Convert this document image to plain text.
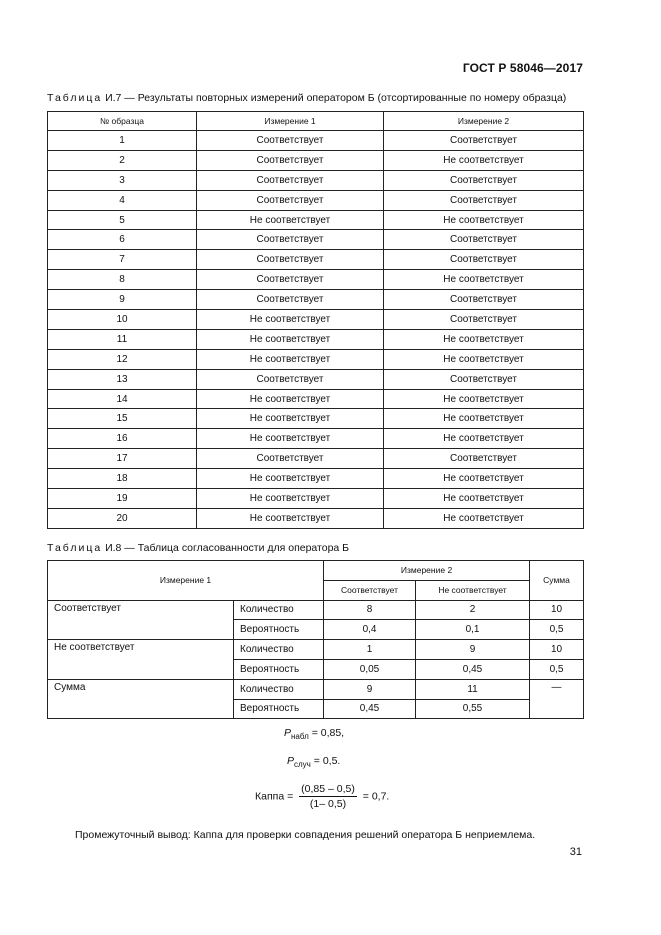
ГОСТ Р 58046—2017
Таблица И.7 — Результаты повторных измерений оператором Б (отсортированные по номеру образца)
№ образца	Измерение 1	Измерение 2
1	Соответствует	Соответствует
2	Соответствует	Не соответствует
3	Соответствует	Соответствует
4	Соответствует	Соответствует
5	Не соответствует	Не соответствует
6	Соответствует	Соответствует
7	Соответствует	Соответствует
8	Соответствует	Не соответствует
9	Соответствует	Соответствует
10	Не соответствует	Соответствует
11	Не соответствует	Не соответствует
12	Не соответствует	Не соответствует
13	Соответствует	Соответствует
14	Не соответствует	Не соответствует
15	Не соответствует	Не соответствует
16	Не соответствует	Не соответствует
17	Соответствует	Соответствует
18	Не соответствует	Не соответствует
19	Не соответствует	Не соответствует
20	Не соответствует	Не соответствует
Таблица И.8 — Таблица согласованности для оператора Б
Измерение 1		Измерение 2		Сумма
		Соответствует	Не соответствует	
Соответствует	Количество	8	2	10
	Вероятность	0,4	0,1	0,5
Не соответствует	Количество	1	9	10
	Вероятность	0,05	0,45	0,5
Сумма	Количество	9	11	—
	Вероятность	0,45	0,55	
$P_{набл} = 0,85$,
$P_{случ} = 0,5$.
Каппа = $\frac{(0,85 - 0,5)}{(1- 0,5)} = 0,7$.
Промежуточный вывод: Каппа для проверки совпадения решений оператора Б неприемлема.
31
